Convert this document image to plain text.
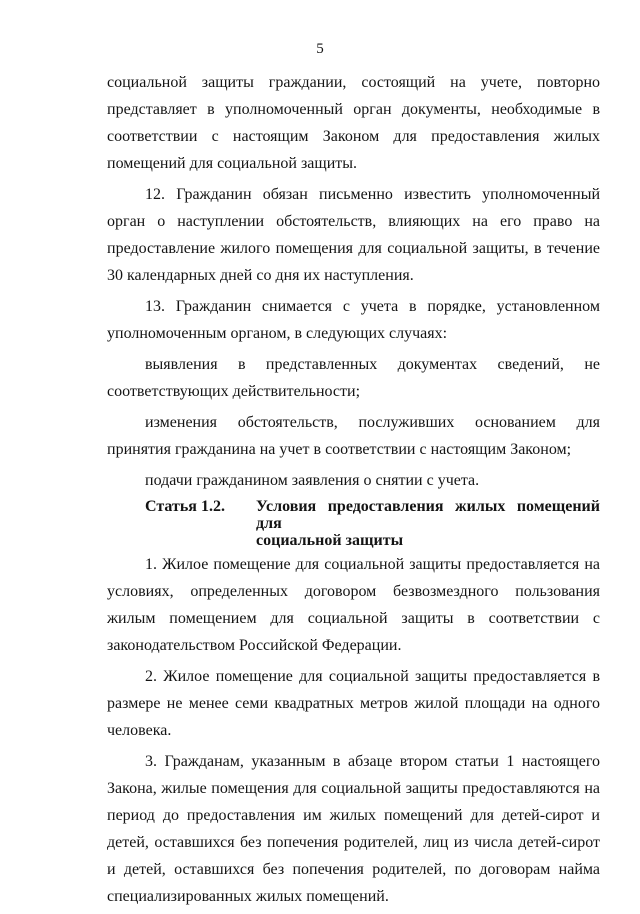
5

социальной защиты граждании, состоящий на учете, повторно представляет в уполномоченный орган документы, необходимые в соответствии с настоящим Законом для предоставления жилых помещений для социальной защиты.

12. Гражданин обязан письменно известить уполномоченный орган о наступлении обстоятельств, влияющих на его право на предоставление жилого помещения для социальной защиты, в течение 30 календарных дней со дня их наступления.

13. Гражданин снимается с учета в порядке, установленном уполномоченным органом, в следующих случаях:

выявления в представленных документах сведений, не соответствующих действительности;

изменения обстоятельств, послуживших основанием для принятия гражданина на учет в соответствии с настоящим Законом;

подачи гражданином заявления о снятии с учета.

Статья 1.2.	Условия предоставления жилых помещений для
социальной защиты

1. Жилое помещение для социальной защиты предоставляется на условиях, определенных договором безвозмездного пользования жилым помещением для социальной защиты в соответствии с законодательством Российской Федерации.

2. Жилое помещение для социальной защиты предоставляется в размере не менее семи квадратных метров жилой площади на одного человека.

3. Гражданам, указанным в абзаце втором статьи 1 настоящего Закона, жилые помещения для социальной защиты предоставляются на период до предоставления им жилых помещений для детей-сирот и детей, оставшихся без попечения родителей, лиц из числа детей-сирот и детей, оставшихся без попечения родителей, по договорам найма специализированных жилых помещений.
